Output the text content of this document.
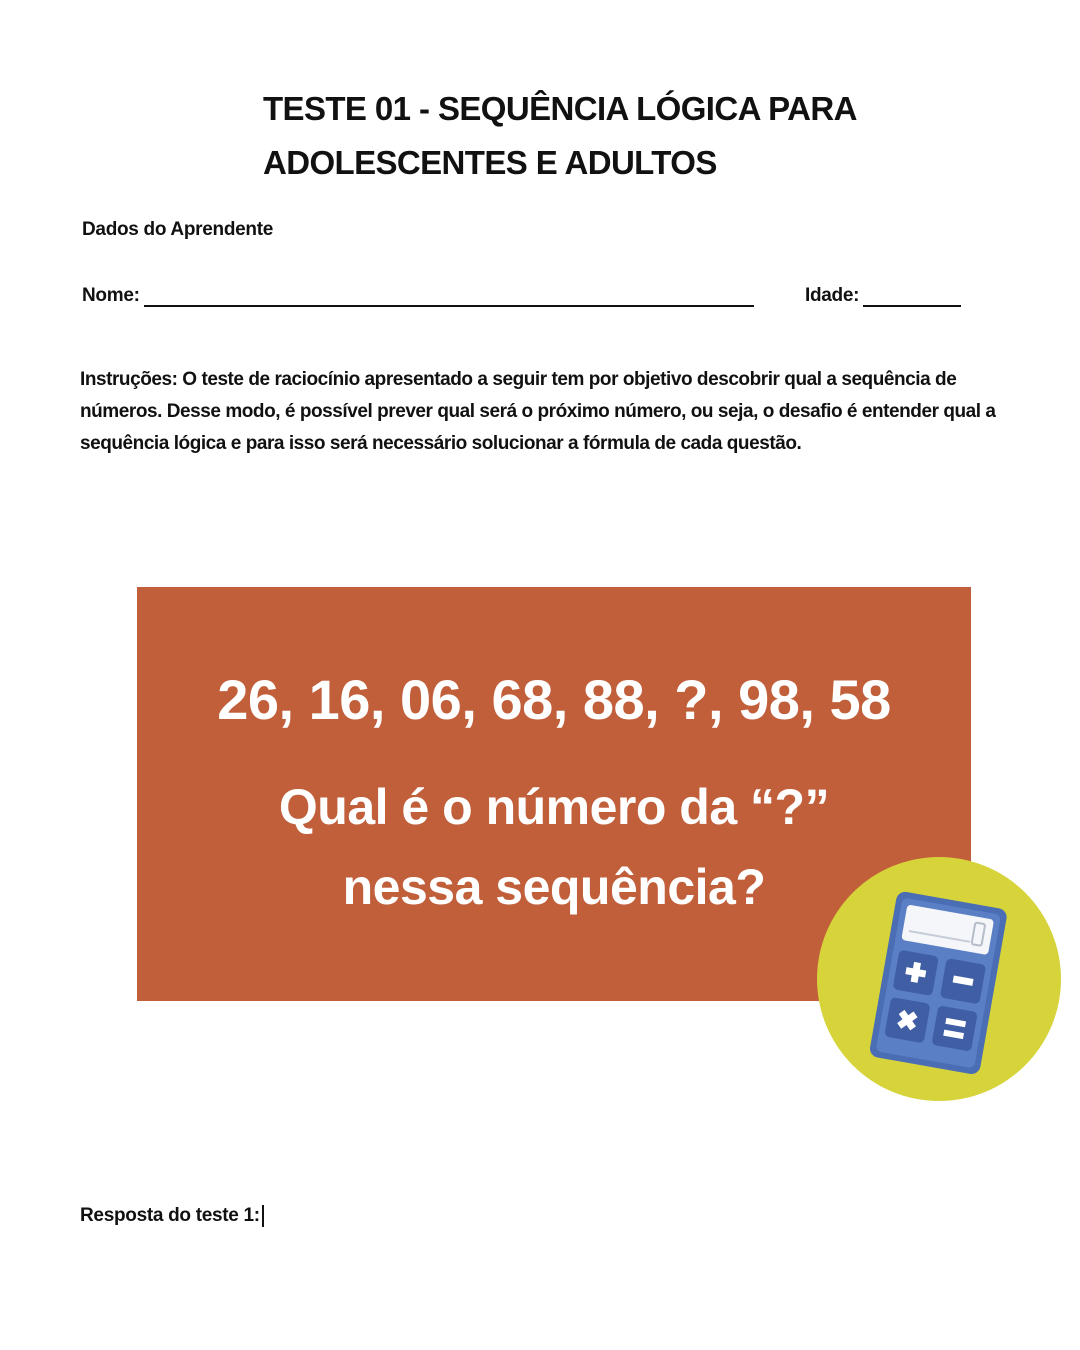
TESTE 01 - SEQUÊNCIA LÓGICA PARA
ADOLESCENTES E ADULTOS
Dados do Aprendente
Nome:	Idade:

Instruções: O teste de raciocínio apresentado a seguir tem por objetivo descobrir qual a sequência de números. Desse modo, é possível prever qual será o próximo número, ou seja, o desafio é entender qual a sequência lógica e para isso será necessário solucionar a fórmula de cada questão.

26, 16, 06, 68, 88, ?, 98, 58
Qual é o número da “?”
nessa sequência?
Resposta do teste 1:
